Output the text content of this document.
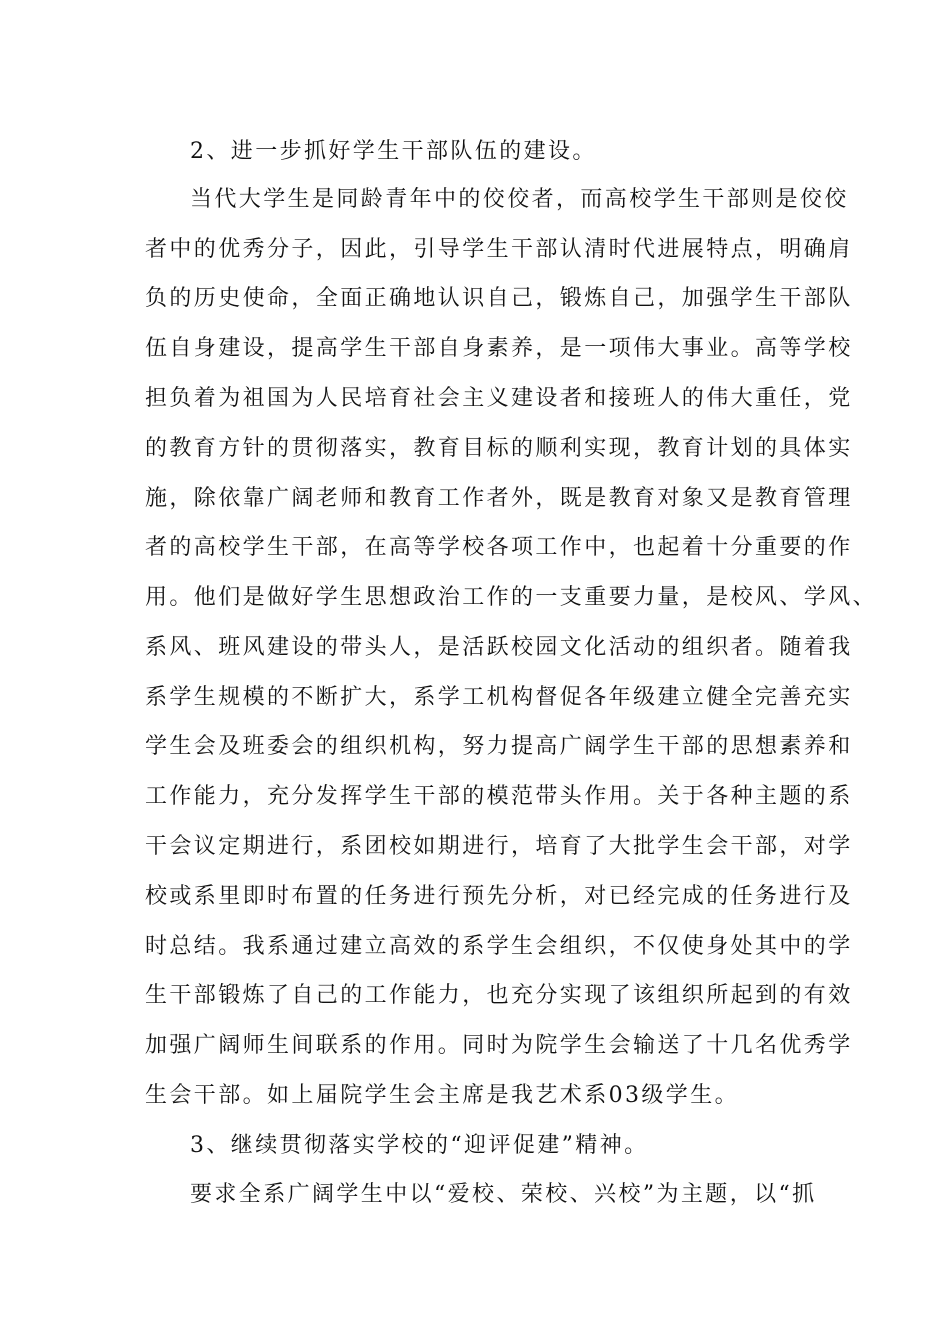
2、进一步抓好学生干部队伍的建设。

当代大学生是同龄青年中的佼佼者，而高校学生干部则是佼佼

者中的优秀分子，因此，引导学生干部认清时代进展特点，明确肩

负的历史使命，全面正确地认识自己，锻炼自己，加强学生干部队

伍自身建设，提高学生干部自身素养，是一项伟大事业。高等学校

担负着为祖国为人民培育社会主义建设者和接班人的伟大重任，党

的教育方针的贯彻落实，教育目标的顺利实现，教育计划的具体实

施，除依靠广阔老师和教育工作者外，既是教育对象又是教育管理

者的高校学生干部，在高等学校各项工作中，也起着十分重要的作

用。他们是做好学生思想政治工作的一支重要力量，是校风、学风、

系风、班风建设的带头人，是活跃校园文化活动的组织者。随着我

系学生规模的不断扩大，系学工机构督促各年级建立健全完善充实

学生会及班委会的组织机构，努力提高广阔学生干部的思想素养和

工作能力，充分发挥学生干部的模范带头作用。关于各种主题的系

干会议定期进行，系团校如期进行，培育了大批学生会干部，对学

校或系里即时布置的任务进行预先分析，对已经完成的任务进行及

时总结。我系通过建立高效的系学生会组织，不仅使身处其中的学

生干部锻炼了自己的工作能力，也充分实现了该组织所起到的有效

加强广阔师生间联系的作用。同时为院学生会输送了十几名优秀学

生会干部。如上届院学生会主席是我艺术系03级学生。

3、继续贯彻落实学校的“迎评促建”精神。

要求全系广阔学生中以“爱校、荣校、兴校”为主题，以“抓
